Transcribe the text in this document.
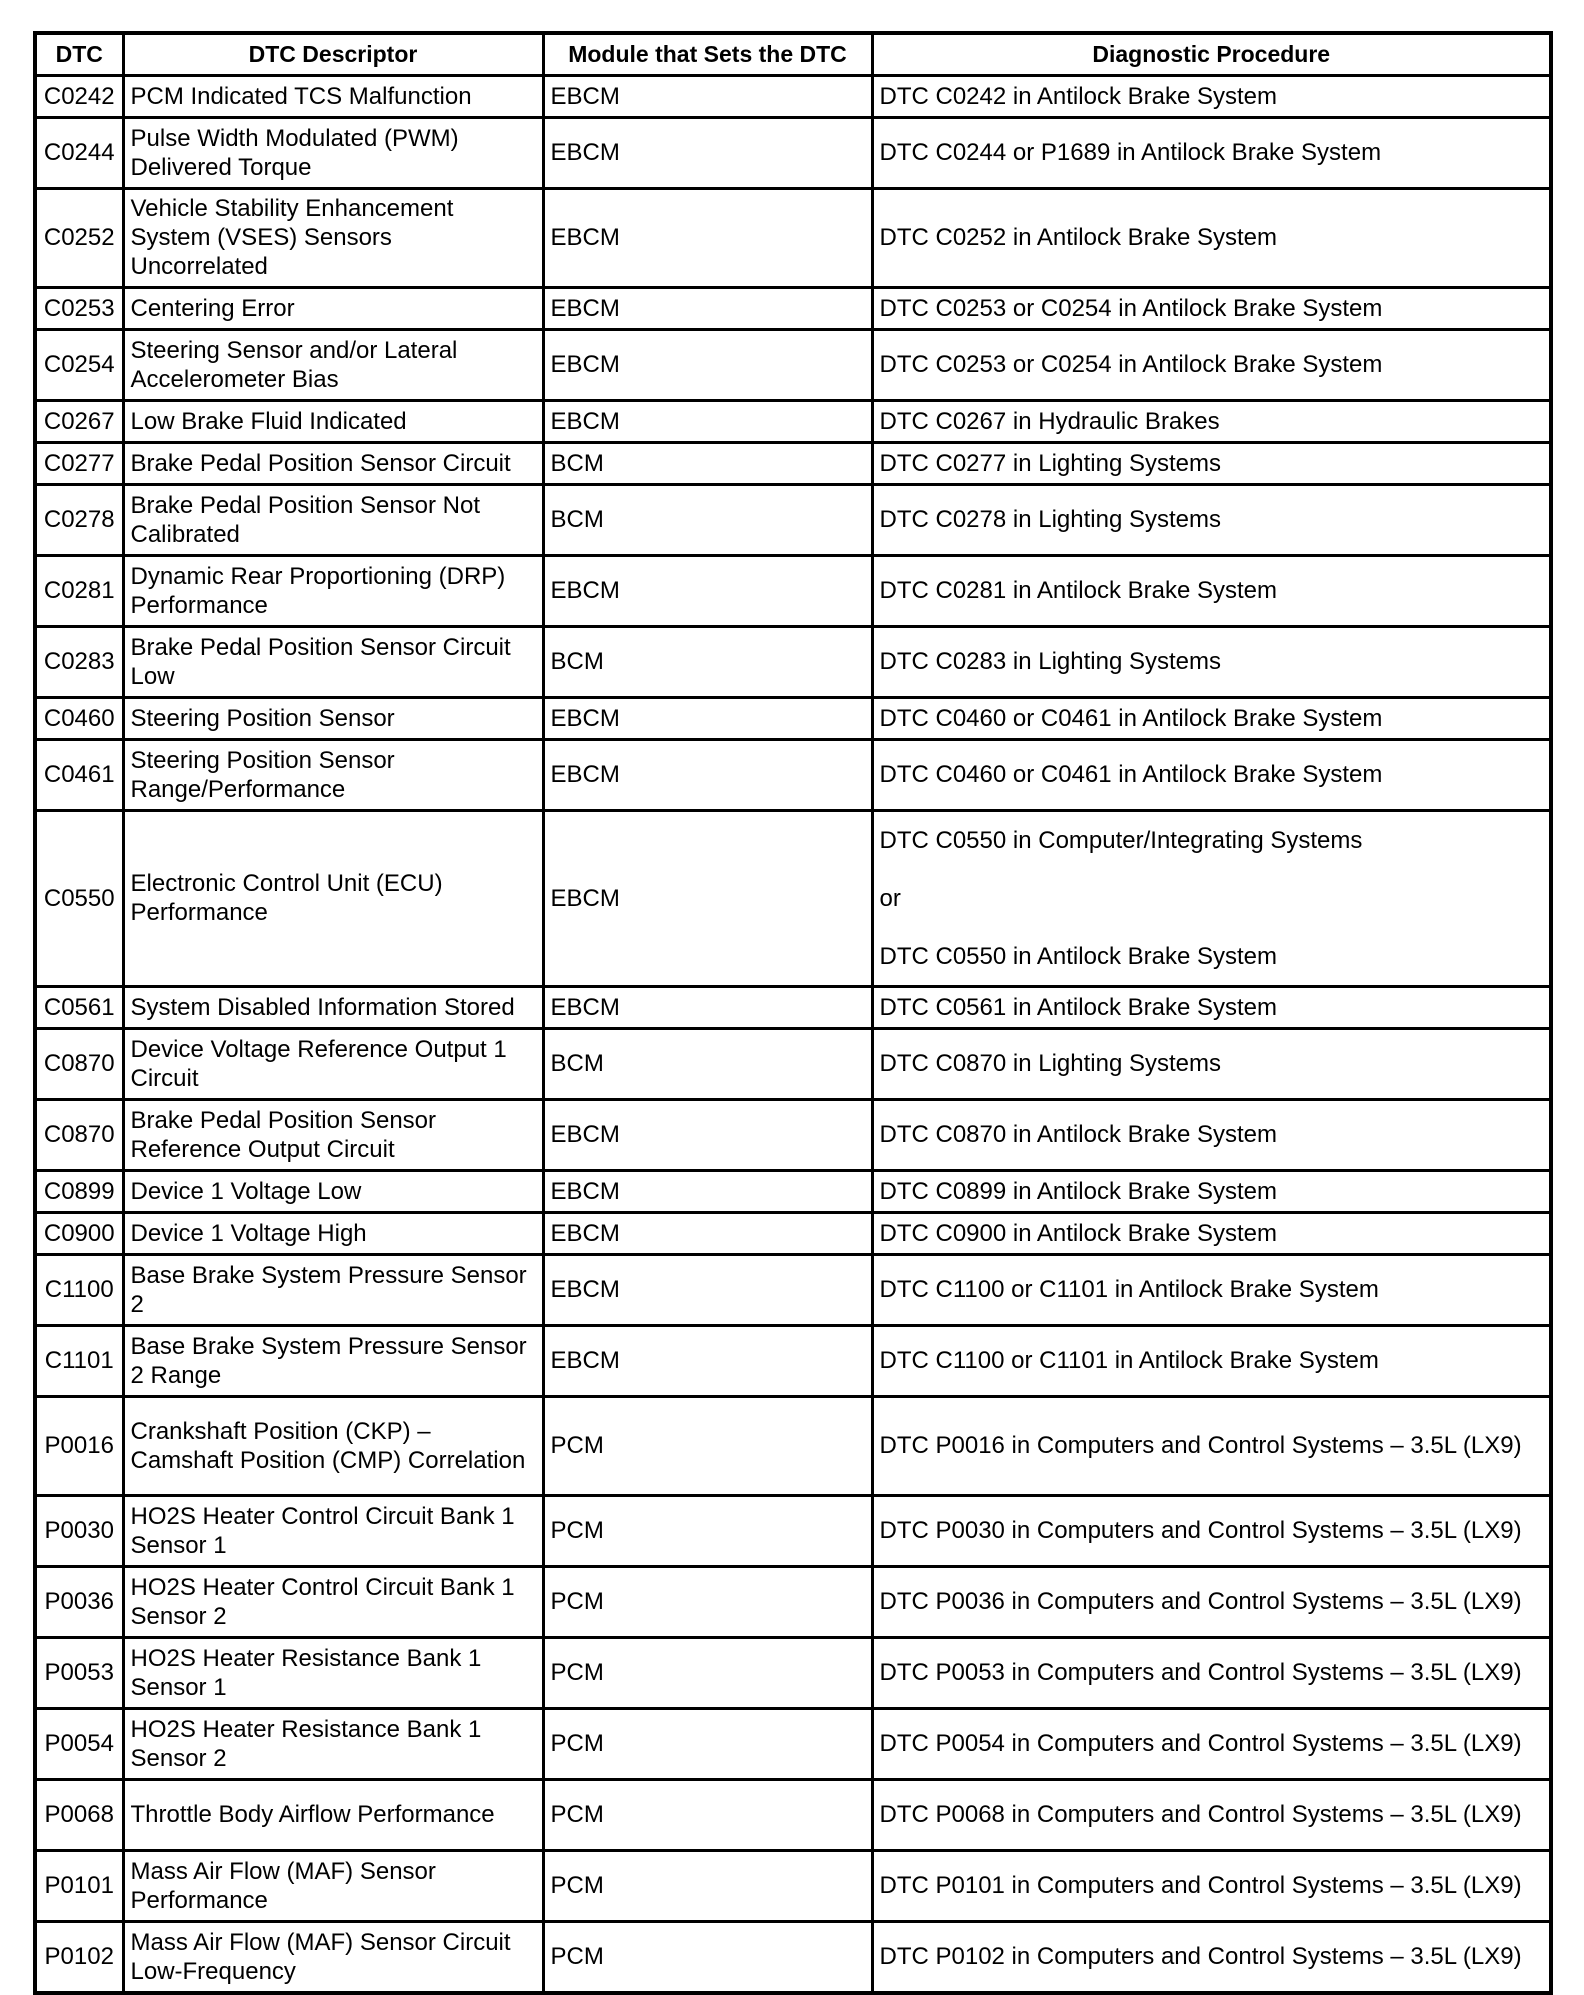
DTC	DTC Descriptor	Module that Sets the DTC	Diagnostic Procedure
C0242	PCM Indicated TCS Malfunction	EBCM	DTC C0242 in Antilock Brake System
C0244	Pulse Width Modulated (PWM) Delivered Torque	EBCM	DTC C0244 or P1689 in Antilock Brake System
C0252	Vehicle Stability Enhancement System (VSES) Sensors Uncorrelated	EBCM	DTC C0252 in Antilock Brake System
C0253	Centering Error	EBCM	DTC C0253 or C0254 in Antilock Brake System
C0254	Steering Sensor and/or Lateral Accelerometer Bias	EBCM	DTC C0253 or C0254 in Antilock Brake System
C0267	Low Brake Fluid Indicated	EBCM	DTC C0267 in Hydraulic Brakes
C0277	Brake Pedal Position Sensor Circuit	BCM	DTC C0277 in Lighting Systems
C0278	Brake Pedal Position Sensor Not Calibrated	BCM	DTC C0278 in Lighting Systems
C0281	Dynamic Rear Proportioning (DRP) Performance	EBCM	DTC C0281 in Antilock Brake System
C0283	Brake Pedal Position Sensor Circuit Low	BCM	DTC C0283 in Lighting Systems
C0460	Steering Position Sensor	EBCM	DTC C0460 or C0461 in Antilock Brake System
C0461	Steering Position Sensor Range/Performance	EBCM	DTC C0460 or C0461 in Antilock Brake System
C0550	Electronic Control Unit (ECU) Performance	EBCM	DTC C0550 in Computer/Integrating Systems
or
DTC C0550 in Antilock Brake System

C0561	System Disabled Information Stored	EBCM	DTC C0561 in Antilock Brake System
C0870	Device Voltage Reference Output 1 Circuit	BCM	DTC C0870 in Lighting Systems
C0870	Brake Pedal Position Sensor Reference Output Circuit	EBCM	DTC C0870 in Antilock Brake System
C0899	Device 1 Voltage Low	EBCM	DTC C0899 in Antilock Brake System
C0900	Device 1 Voltage High	EBCM	DTC C0900 in Antilock Brake System
C1100	Base Brake System Pressure Sensor 2	EBCM	DTC C1100 or C1101 in Antilock Brake System
C1101	Base Brake System Pressure Sensor 2 Range	EBCM	DTC C1100 or C1101 in Antilock Brake System
P0016	Crankshaft Position (CKP) – Camshaft Position (CMP) Correlation	PCM	DTC P0016 in Computers and Control Systems – 3.5L (LX9)
P0030	HO2S Heater Control Circuit Bank 1 Sensor 1	PCM	DTC P0030 in Computers and Control Systems – 3.5L (LX9)
P0036	HO2S Heater Control Circuit Bank 1 Sensor 2	PCM	DTC P0036 in Computers and Control Systems – 3.5L (LX9)
P0053	HO2S Heater Resistance Bank 1 Sensor 1	PCM	DTC P0053 in Computers and Control Systems – 3.5L (LX9)
P0054	HO2S Heater Resistance Bank 1 Sensor 2	PCM	DTC P0054 in Computers and Control Systems – 3.5L (LX9)
P0068	Throttle Body Airflow Performance	PCM	DTC P0068 in Computers and Control Systems – 3.5L (LX9)
P0101	Mass Air Flow (MAF) Sensor Performance	PCM	DTC P0101 in Computers and Control Systems – 3.5L (LX9)
P0102	Mass Air Flow (MAF) Sensor Circuit Low-Frequency	PCM	DTC P0102 in Computers and Control Systems – 3.5L (LX9)
